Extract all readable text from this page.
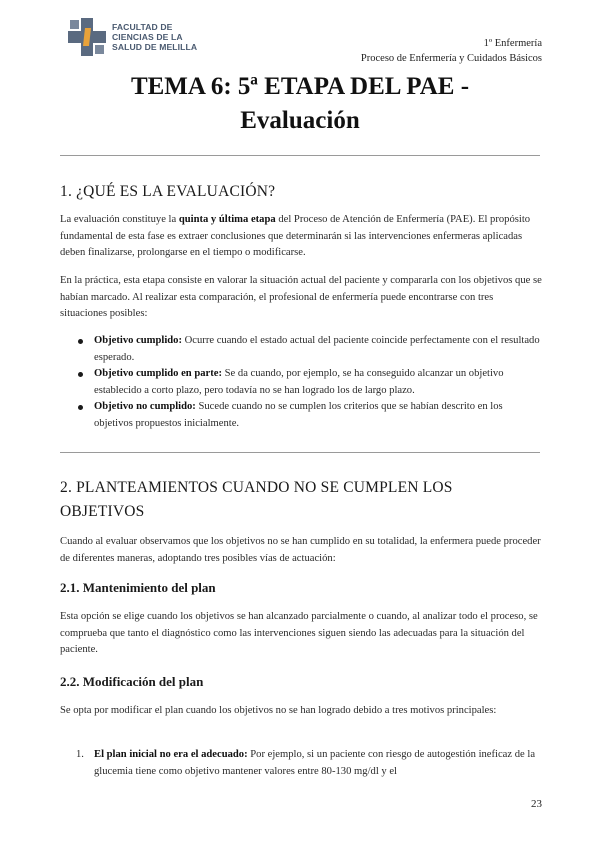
FACULTAD DE
CIENCIAS DE LA
SALUD DE MELILLA	1º Enfermería
Proceso de Enfermería y Cuidados Básicos
TEMA 6: 5ª ETAPA DEL PAE -
Evaluación
1. ¿QUÉ ES LA EVALUACIÓN?
La evaluación constituye la quinta y última etapa del Proceso de Atención de Enfermería (PAE). El propósito fundamental de esta fase es extraer conclusiones que determinarán si las intervenciones enfermeras aplicadas deben finalizarse, prolongarse en el tiempo o modificarse.
En la práctica, esta etapa consiste en valorar la situación actual del paciente y compararla con los objetivos que se habían marcado. Al realizar esta comparación, el profesional de enfermería puede encontrarse con tres situaciones posibles:
Objetivo cumplido: Ocurre cuando el estado actual del paciente coincide perfectamente con el resultado esperado.
Objetivo cumplido en parte: Se da cuando, por ejemplo, se ha conseguido alcanzar un objetivo establecido a corto plazo, pero todavía no se han logrado los de largo plazo.
Objetivo no cumplido: Sucede cuando no se cumplen los criterios que se habían descrito en los objetivos propuestos inicialmente.
2. PLANTEAMIENTOS CUANDO NO SE CUMPLEN LOS OBJETIVOS
Cuando al evaluar observamos que los objetivos no se han cumplido en su totalidad, la enfermera puede proceder de diferentes maneras, adoptando tres posibles vías de actuación:
2.1. Mantenimiento del plan
Esta opción se elige cuando los objetivos se han alcanzado parcialmente o cuando, al analizar todo el proceso, se comprueba que tanto el diagnóstico como las intervenciones siguen siendo las adecuadas para la situación del paciente.
2.2. Modificación del plan
Se opta por modificar el plan cuando los objetivos no se han logrado debido a tres motivos principales:
1. El plan inicial no era el adecuado: Por ejemplo, si un paciente con riesgo de autogestión ineficaz de la glucemia tiene como objetivo mantener valores entre 80-130 mg/dl y el
23
